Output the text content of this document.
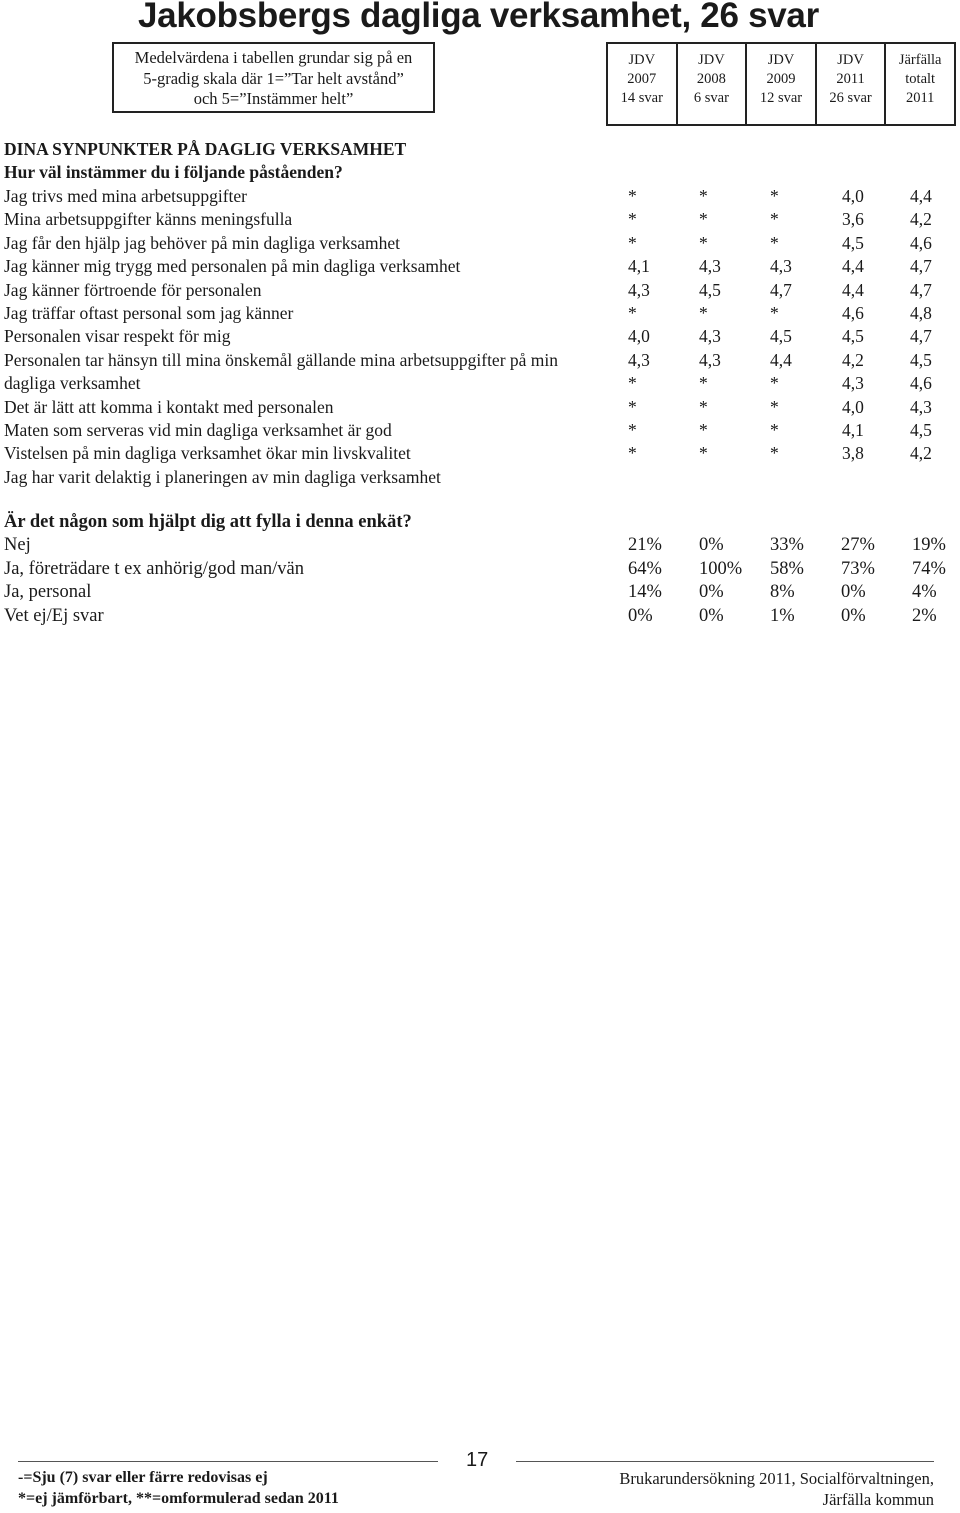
Jakobsbergs dagliga verksamhet, 26 svar
Medelvärdena i tabellen grundar sig på en
5-gradig skala där 1=”Tar helt avstånd”
och 5=”Instämmer helt”
JDV
2007
14 svar
JDV
2008
6 svar
JDV
2009
12 svar
JDV
2011
26 svar
Järfälla
totalt
2011
DINA SYNPUNKTER PÅ DAGLIG VERKSAMHET
Hur väl instämmer du i följande påståenden?
Jag trivs med mina arbetsuppgifter	*	*	*	4,0	4,4
Mina arbetsuppgifter känns meningsfulla	*	*	*	3,6	4,2
Jag får den hjälp jag behöver på min dagliga verksamhet	*	*	*	4,5	4,6
Jag känner mig trygg med personalen på min dagliga verksamhet	4,1	4,3	4,3	4,4	4,7
Jag känner förtroende för personalen	4,3	4,5	4,7	4,4	4,7
Jag träffar oftast personal som jag känner	*	*	*	4,6	4,8
Personalen visar respekt för mig	4,0	4,3	4,5	4,5	4,7
Personalen tar hänsyn till mina önskemål gällande mina arbetsuppgifter på min	4,3	4,3	4,4	4,2	4,5
dagliga verksamhet	*	*	*	4,3	4,6
Det är lätt att komma i kontakt med personalen	*	*	*	4,0	4,3
Maten som serveras vid min dagliga verksamhet är god	*	*	*	4,1	4,5
Vistelsen på min dagliga verksamhet ökar min livskvalitet	*	*	*	3,8	4,2
Jag har varit delaktig i planeringen av min dagliga verksamhet
Är det någon som hjälpt dig att fylla i denna enkät?
Nej	21% 0%	33% 27% 19%
Ja, företrädare t ex anhörig/god man/vän	64% 100% 58% 73% 74%
Ja, personal	14% 0%	8%	0%	4%
Vet ej/Ej svar	0%	0%	1%	0%	2%
17
-=Sju (7) svar eller färre redovisas ej
*=ej jämförbart, **=omformulerad sedan 2011
Brukarundersökning 2011, Socialförvaltningen,
Järfälla kommun
